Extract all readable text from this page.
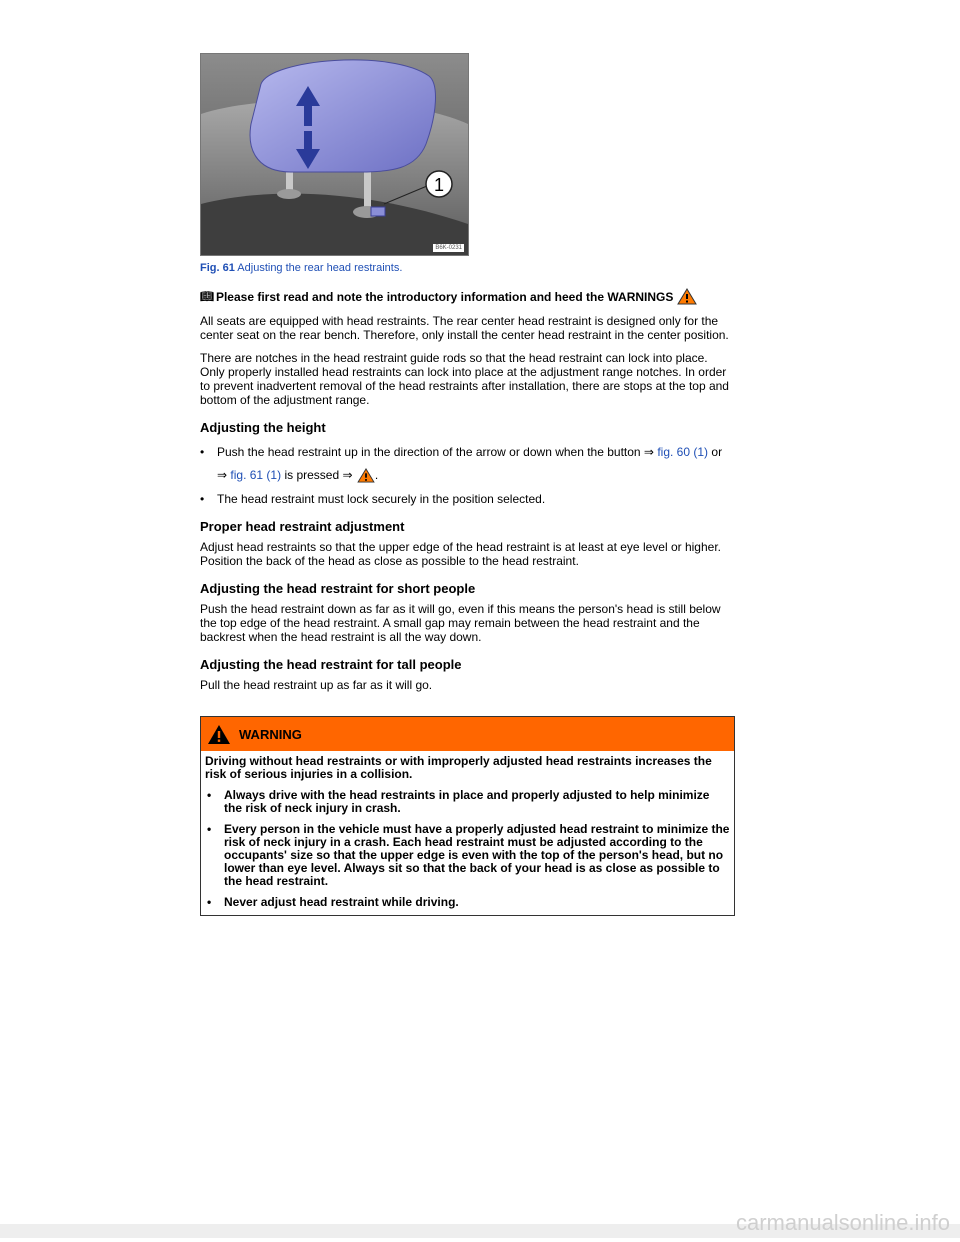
1
B6K-0231
Fig. 61 Adjusting the rear head restraints.
📖︎ Please first read and note the introductory information and heed the WARNINGS

All seats are equipped with head restraints. The rear center head restraint is designed only for the center seat on the rear bench. Therefore, only install the center head restraint in the center position.

There are notches in the head restraint guide rods so that the head restraint can lock into place. Only properly installed head restraints can lock into place at the adjustment range notches. In order to prevent inadvertent removal of the head restraints after installation, there are stops at the top and bottom of the adjustment range.

Adjusting the height
•	Push the head restraint up in the direction of the arrow or down when the button ⇒ fig. 60 (1) or
⇒ fig. 61 (1) is pressed ⇒ .
•	The head restraint must lock securely in the position selected.
Proper head restraint adjustment

Adjust head restraints so that the upper edge of the head restraint is at least at eye level or higher. Position the back of the head as close as possible to the head restraint.

Adjusting the head restraint for short people

Push the head restraint down as far as it will go, even if this means the person's head is still below the top edge of the head restraint. A small gap may remain between the head restraint and the backrest when the head restraint is all the way down.

Adjusting the head restraint for tall people

Pull the head restraint up as far as it will go.

WARNING
Driving without head restraints or with improperly adjusted head restraints increases the risk of serious injuries in a collision.
•	Always drive with the head restraints in place and properly adjusted to help minimize the risk of neck injury in crash.
•	Every person in the vehicle must have a properly adjusted head restraint to minimize the risk of neck injury in a crash. Each head restraint must be adjusted according to the occupants' size so that the upper edge is even with the top of the person's head, but no lower than eye level. Always sit so that the back of your head is as close as possible to the head restraint.
•	Never adjust head restraint while driving.
carmanualsonline.info
